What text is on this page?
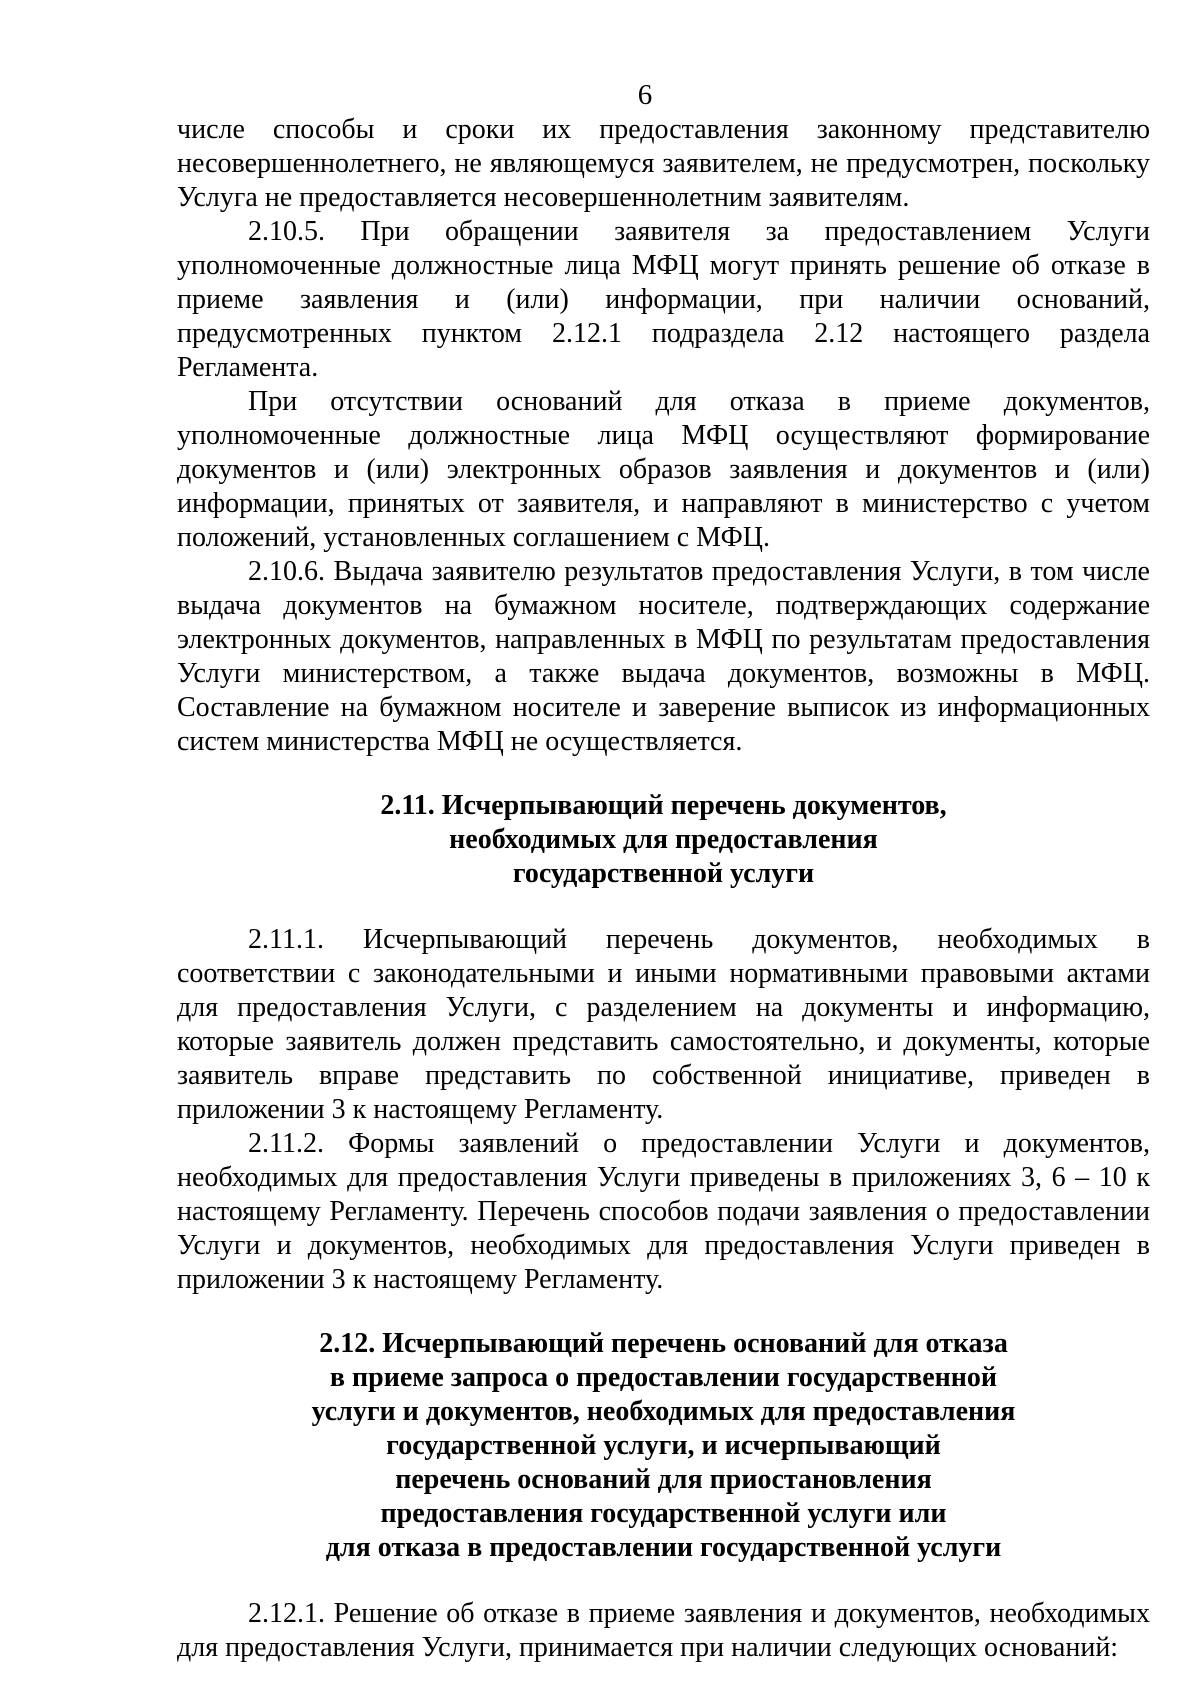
6

числе способы и сроки их предоставления законному представителю несовершеннолетнего, не являющемуся заявителем, не предусмотрен, поскольку Услуга не предоставляется несовершеннолетним заявителям.

2.10.5. При обращении заявителя за предоставлением Услуги уполномоченные должностные лица МФЦ могут принять решение об отказе в приеме заявления и (или) информации, при наличии оснований, предусмотренных пунктом 2.12.1 подраздела 2.12 настоящего раздела Регламента.

При отсутствии оснований для отказа в приеме документов, уполномоченные должностные лица МФЦ осуществляют формирование документов и (или) электронных образов заявления и документов и (или) информации, принятых от заявителя, и направляют в министерство с учетом положений, установленных соглашением с МФЦ.

2.10.6. Выдача заявителю результатов предоставления Услуги, в том числе выдача документов на бумажном носителе, подтверждающих содержание электронных документов, направленных в МФЦ по результатам предоставления Услуги министерством, а также выдача документов, возможны в МФЦ. Составление на бумажном носителе и заверение выписок из информационных систем министерства МФЦ не осуществляется.

2.11. Исчерпывающий перечень документов,
необходимых для предоставления
государственной услуги

2.11.1. Исчерпывающий перечень документов, необходимых в соответствии с законодательными и иными нормативными правовыми актами для предоставления Услуги, с разделением на документы и информацию, которые заявитель должен представить самостоятельно, и документы, которые заявитель вправе представить по собственной инициативе, приведен в приложении 3 к настоящему Регламенту.

2.11.2. Формы заявлений о предоставлении Услуги и документов, необходимых для предоставления Услуги приведены в приложениях 3, 6 – 10 к настоящему Регламенту. Перечень способов подачи заявления о предоставлении Услуги и документов, необходимых для предоставления Услуги приведен в приложении 3 к настоящему Регламенту.

2.12. Исчерпывающий перечень оснований для отказа
в приеме запроса о предоставлении государственной
услуги и документов, необходимых для предоставления
государственной услуги, и исчерпывающий
перечень оснований для приостановления
предоставления государственной услуги или
для отказа в предоставлении государственной услуги

2.12.1. Решение об отказе в приеме заявления и документов, необходимых для предоставления Услуги, принимается при наличии следующих оснований:
